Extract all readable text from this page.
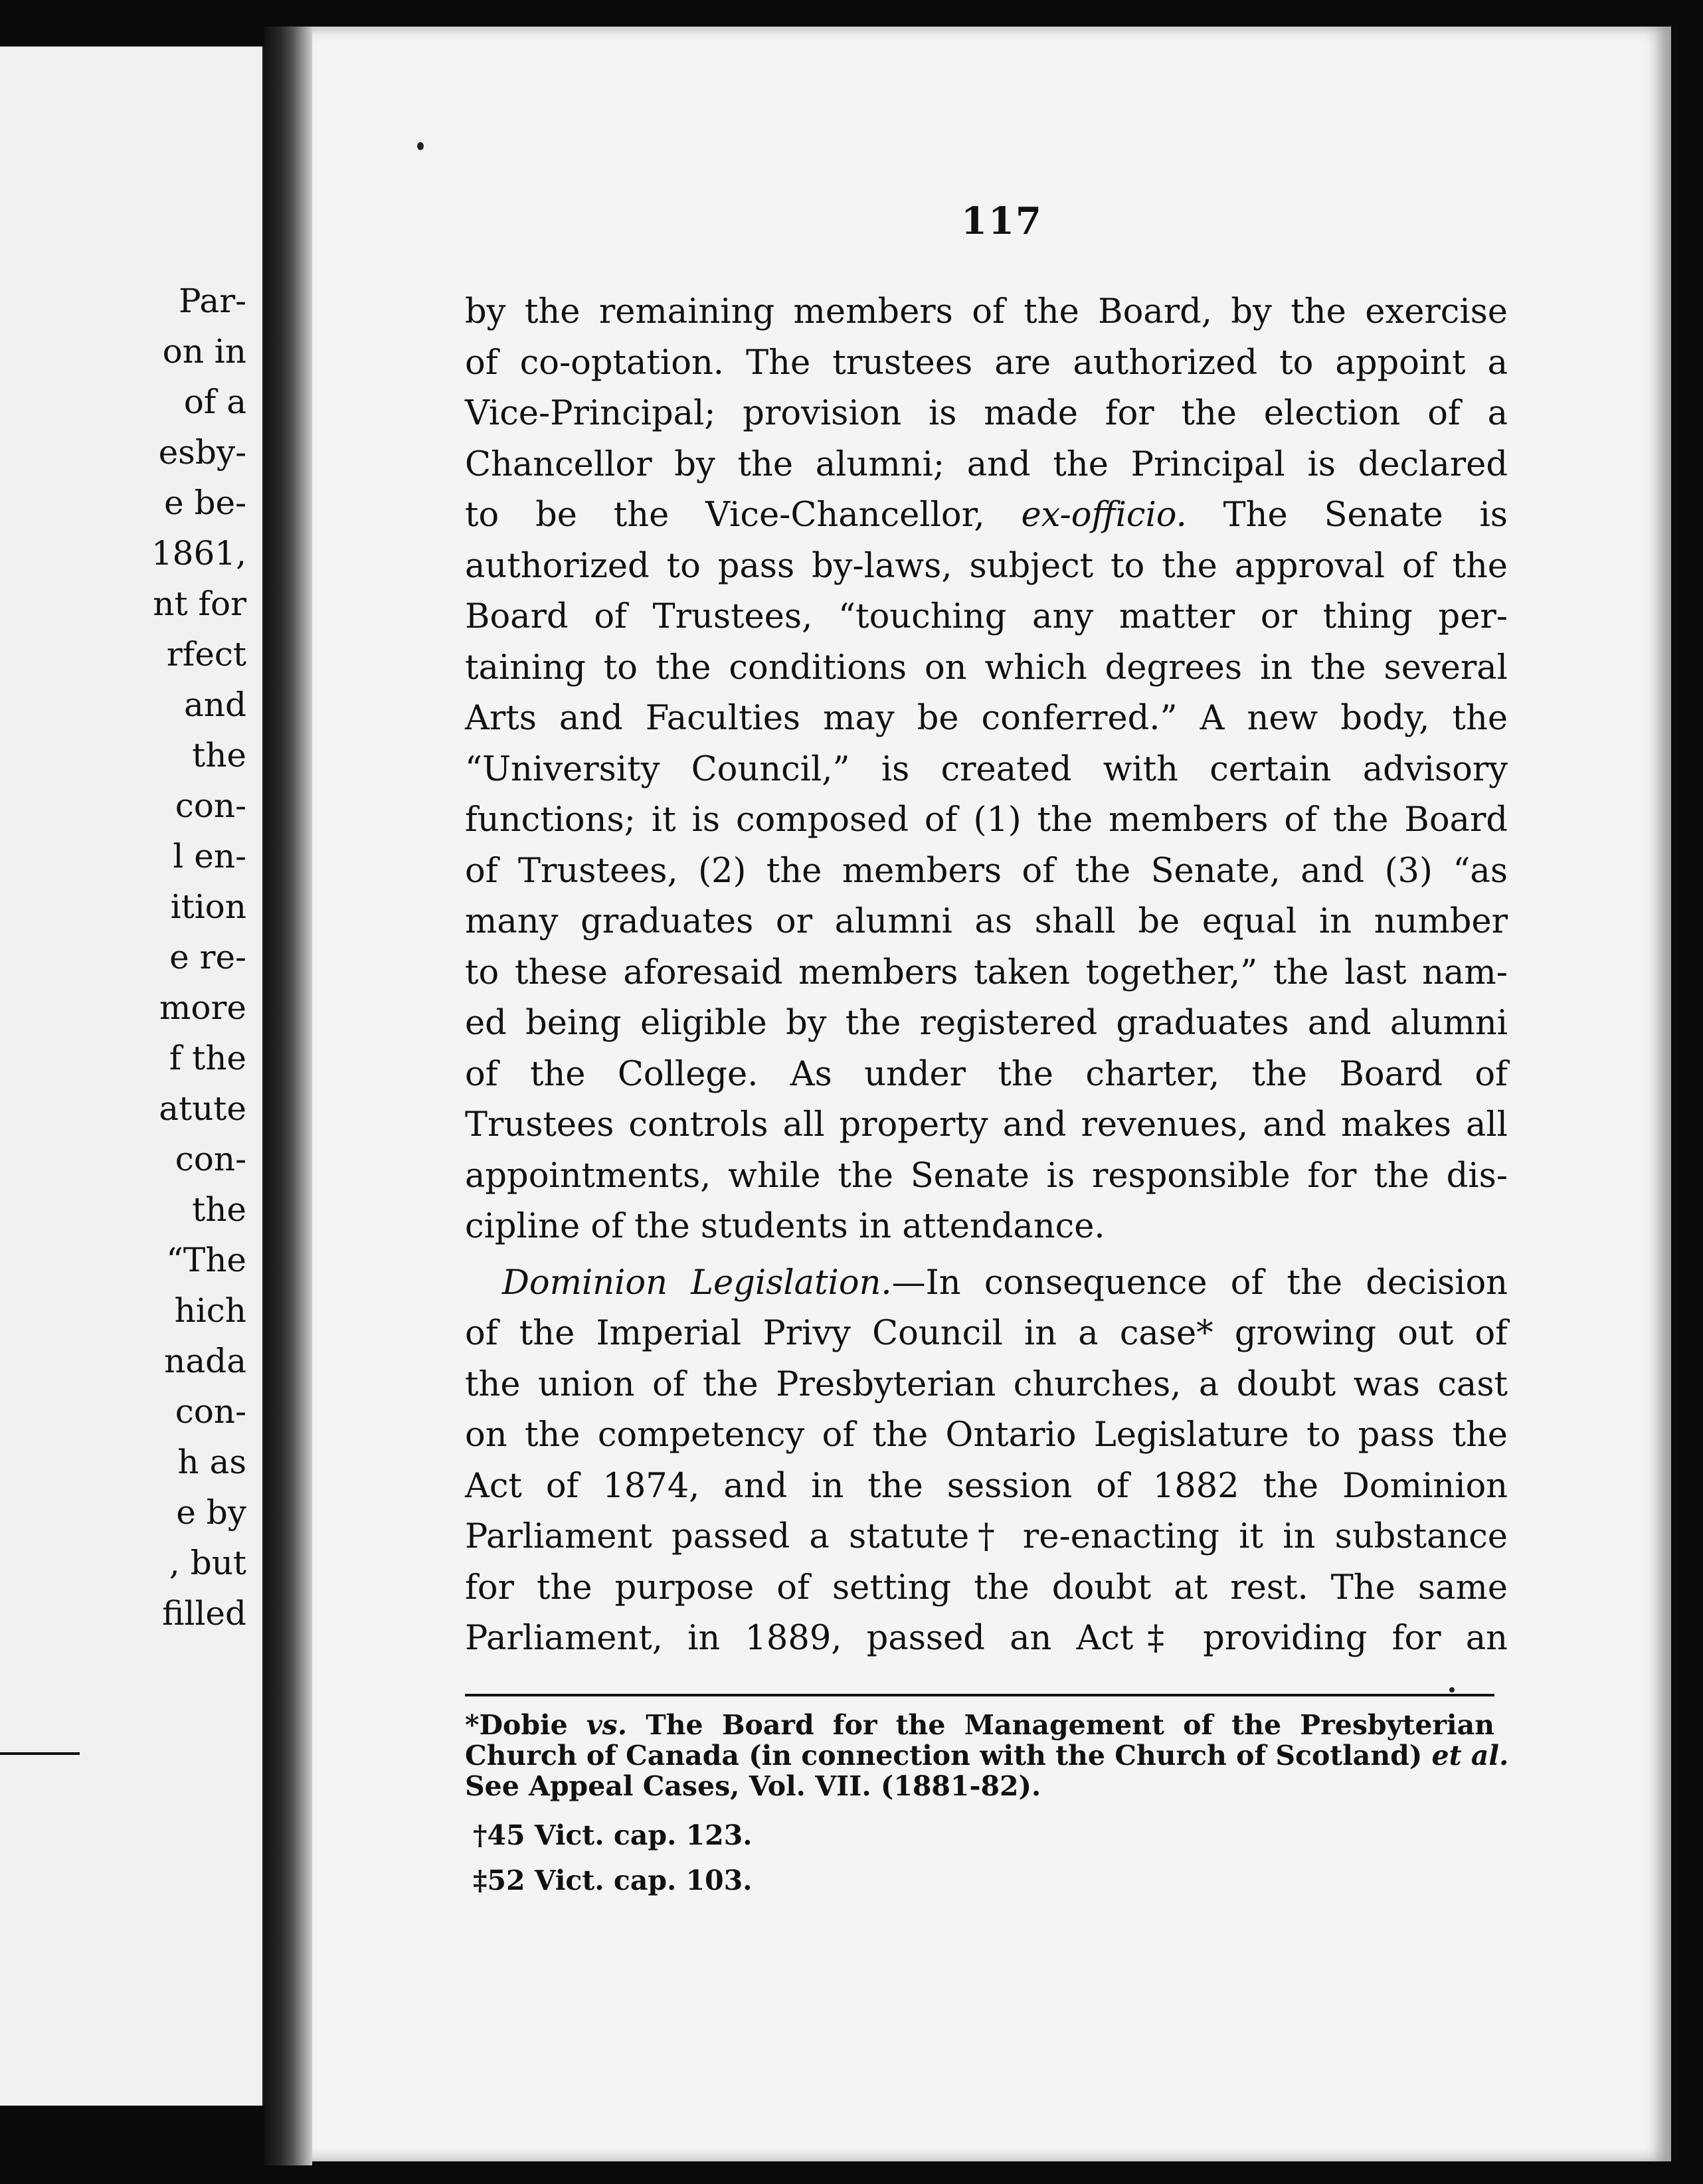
Par-
on in
of a
esby-
e be-
1861,
nt for
rfect
and
the
con-
l en-
ition
e re-
more
f the
atute
con-
the
“The
hich
nada
con-
h as
e by
, but
filled
117
by the remaining members of the Board, by the exercise
of co-optation. The trustees are authorized to appoint a
Vice-Principal; provision is made for the election of a
Chancellor by the alumni; and the Principal is declared
to be the Vice-Chancellor, ex-officio. The Senate is
authorized to pass by-laws, subject to the approval of the
Board of Trustees, “touching any matter or thing per-
taining to the conditions on which degrees in the several
Arts and Faculties may be conferred.” A new body, the
“University Council,” is created with certain advisory
functions; it is composed of (1) the members of the Board
of Trustees, (2) the members of the Senate, and (3) “as
many graduates or alumni as shall be equal in number
to these aforesaid members taken together,” the last nam-
ed being eligible by the registered graduates and alumni
of the College. As under the charter, the Board of
Trustees controls all property and revenues, and makes all
appointments, while the Senate is responsible for the dis-
cipline of the students in attendance.
Dominion Legislation.—In consequence of the decision
of the Imperial Privy Council in a case* growing out of
the union of the Presbyterian churches, a doubt was cast
on the competency of the Ontario Legislature to pass the
Act of 1874, and in the session of 1882 the Dominion
Parliament passed a statute† re-enacting it in substance
for the purpose of setting the doubt at rest. The same
Parliament, in 1889, passed an Act‡ providing for an
*Dobie vs. The Board for the Management of the Presbyterian
Church of Canada (in connection with the Church of Scotland) et al.
See Appeal Cases, Vol. VII. (1881-82).
†45 Vict. cap. 123.
‡52 Vict. cap. 103.
